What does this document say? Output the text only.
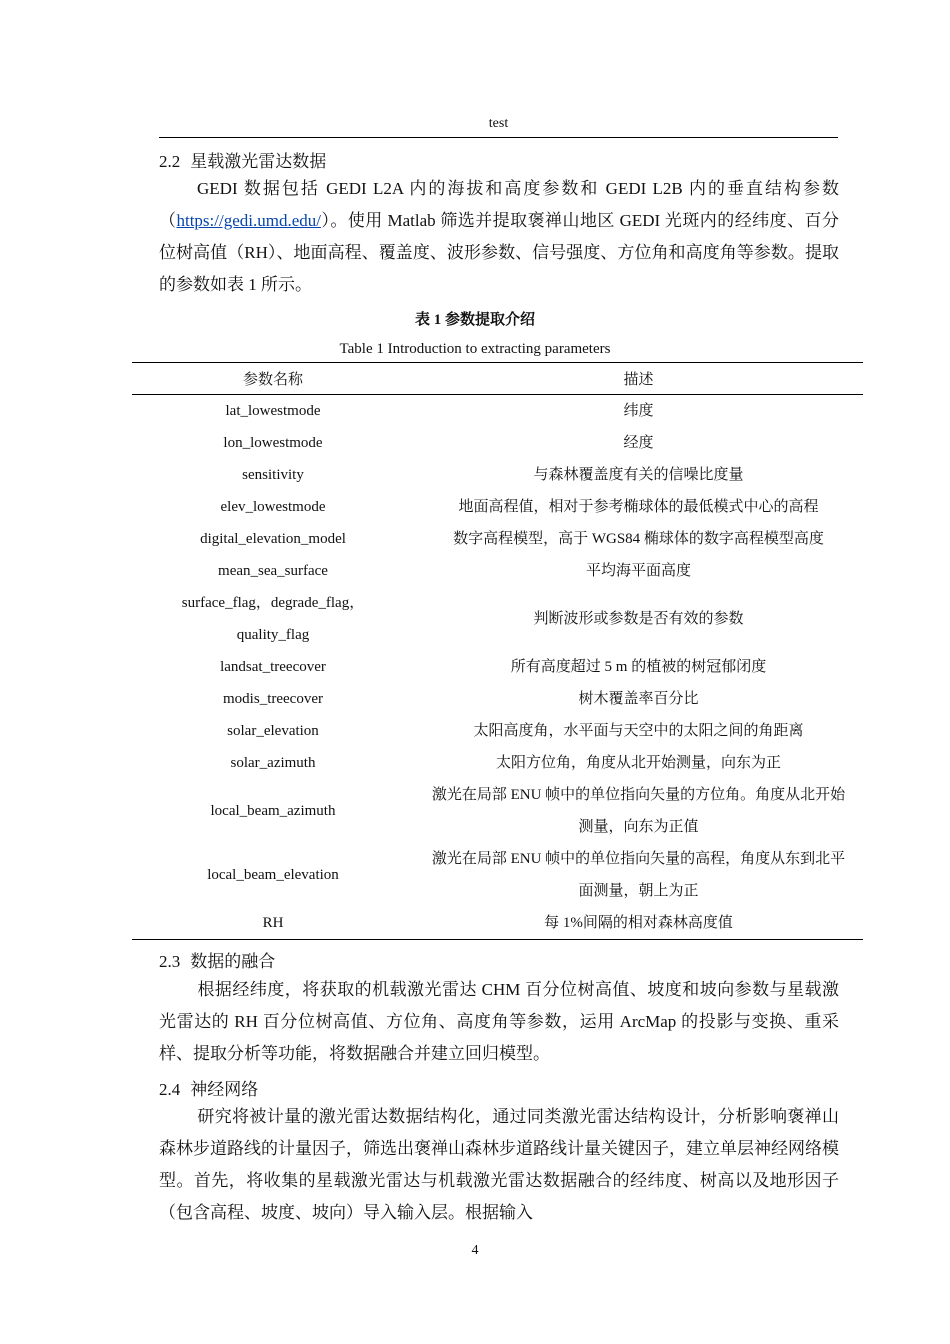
test
2.2 星载激光雷达数据
GEDI 数据包括 GEDI L2A 内的海拔和高度参数和 GEDI L2B 内的垂直结构参数（https://gedi.umd.edu/）。使用 Matlab 筛选并提取褒禅山地区 GEDI 光斑内的经纬度、百分位树高值（RH）、地面高程、覆盖度、波形参数、信号强度、方位角和高度角等参数。提取的参数如表 1 所示。
表 1 参数提取介绍
Table 1 Introduction to extracting parameters
参数名称	描述
lat_lowestmode	纬度
lon_lowestmode	经度
sensitivity	与森林覆盖度有关的信噪比度量
elev_lowestmode	地面高程值，相对于参考椭球体的最低模式中心的高程
digital_elevation_model	数字高程模型，高于 WGS84 椭球体的数字高程模型高度
mean_sea_surface	平均海平面高度
surface_flag，degrade_flag，quality_flag	判断波形或参数是否有效的参数
landsat_treecover	所有高度超过 5 m 的植被的树冠郁闭度
modis_treecover	树木覆盖率百分比
solar_elevation	太阳高度角，水平面与天空中的太阳之间的角距离
solar_azimuth	太阳方位角，角度从北开始测量，向东为正
local_beam_azimuth	激光在局部 ENU 帧中的单位指向矢量的方位角。角度从北开始测量，向东为正值
local_beam_elevation	激光在局部 ENU 帧中的单位指向矢量的高程，角度从东到北平面测量，朝上为正
RH	每 1%间隔的相对森林高度值
2.3 数据的融合
根据经纬度，将获取的机载激光雷达 CHM 百分位树高值、坡度和坡向参数与星载激光雷达的 RH 百分位树高值、方位角、高度角等参数，运用 ArcMap 的投影与变换、重采样、提取分析等功能，将数据融合并建立回归模型。
2.4 神经网络
研究将被计量的激光雷达数据结构化，通过同类激光雷达结构设计，分析影响褒禅山森林步道路线的计量因子，筛选出褒禅山森林步道路线计量关键因子，建立单层神经网络模型。首先，将收集的星载激光雷达与机载激光雷达数据融合的经纬度、树高以及地形因子（包含高程、坡度、坡向）导入输入层。根据输入
4
